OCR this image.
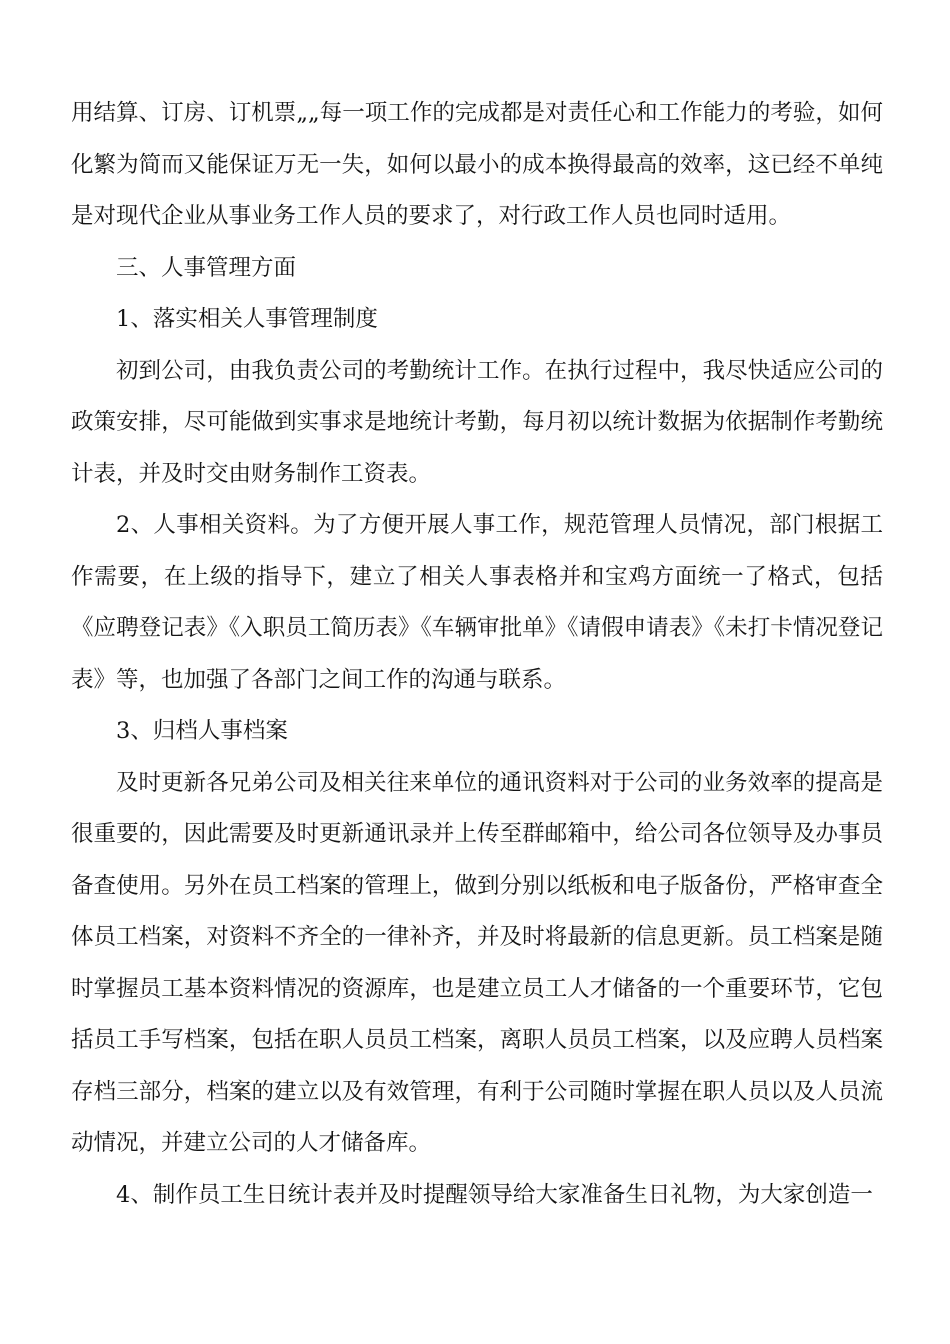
用结算、订房、订机票„„每一项工作的完成都是对责任心和工作能力的考验，如何化繁为简而又能保证万无一失，如何以最小的成本换得最高的效率，这已经不单纯是对现代企业从事业务工作人员的要求了，对行政工作人员也同时适用。

三、人事管理方面

1、落实相关人事管理制度

初到公司，由我负责公司的考勤统计工作。在执行过程中，我尽快适应公司的政策安排，尽可能做到实事求是地统计考勤，每月初以统计数据为依据制作考勤统计表，并及时交由财务制作工资表。

2、人事相关资料。为了方便开展人事工作，规范管理人员情况，部门根据工作需要，在上级的指导下，建立了相关人事表格并和宝鸡方面统一了格式，包括《应聘登记表》《入职员工简历表》《车辆审批单》《请假申请表》《未打卡情况登记表》等，也加强了各部门之间工作的沟通与联系。

3、归档人事档案

及时更新各兄弟公司及相关往来单位的通讯资料对于公司的业务效率的提高是很重要的，因此需要及时更新通讯录并上传至群邮箱中，给公司各位领导及办事员备查使用。另外在员工档案的管理上，做到分别以纸板和电子版备份，严格审查全体员工档案，对资料不齐全的一律补齐，并及时将最新的信息更新。员工档案是随时掌握员工基本资料情况的资源库，也是建立员工人才储备的一个重要环节，它包括员工手写档案，包括在职人员员工档案，离职人员员工档案，以及应聘人员档案存档三部分，档案的建立以及有效管理，有利于公司随时掌握在职人员以及人员流动情况，并建立公司的人才储备库。

4、制作员工生日统计表并及时提醒领导给大家准备生日礼物，为大家创造一
